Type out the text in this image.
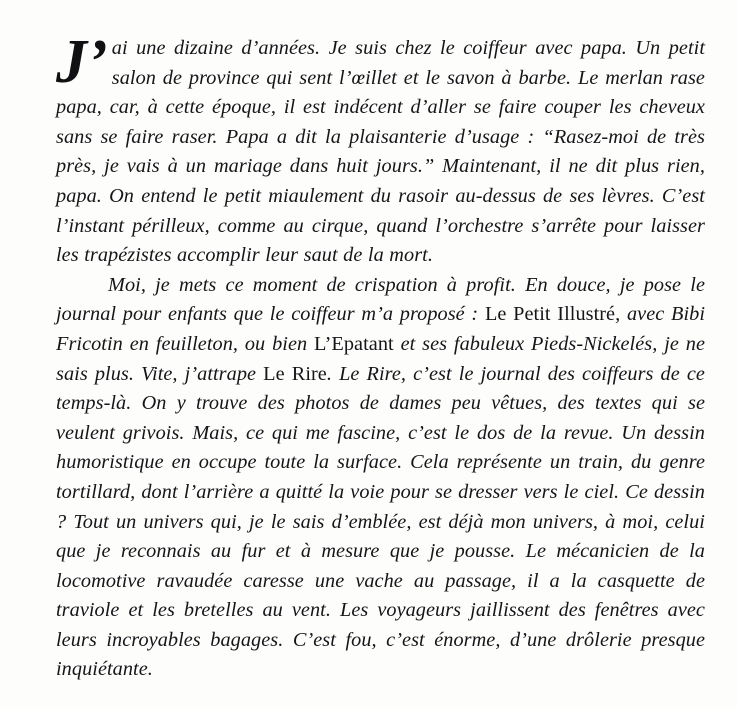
J’ ai une dizaine d’années. Je suis chez le coiffeur avec papa. Un petit salon de province qui sent l’œillet et le savon à barbe. Le merlan rase papa, car, à cette époque, il est indécent d’aller se faire couper les cheveux sans se faire raser. Papa a dit la plaisanterie d’usage : “Rasez-moi de très près, je vais à un mariage dans huit jours.” Maintenant, il ne dit plus rien, papa. On entend le petit miaulement du rasoir au-dessus de ses lèvres. C’est l’instant périlleux, comme au cirque, quand l’orchestre s’arrête pour laisser les trapézistes accomplir leur saut de la mort.

Moi, je mets ce moment de crispation à profit. En douce, je pose le journal pour enfants que le coiffeur m’a proposé : Le Petit Illustré, avec Bibi Fricotin en feuilleton, ou bien L’Epatant et ses fabuleux Pieds-Nickelés, je ne sais plus. Vite, j’attrape Le Rire. Le Rire, c’est le journal des coiffeurs de ce temps-là. On y trouve des photos de dames peu vêtues, des textes qui se veulent grivois. Mais, ce qui me fascine, c’est le dos de la revue. Un dessin humoristique en occupe toute la surface. Cela représente un train, du genre tortillard, dont l’arrière a quitté la voie pour se dresser vers le ciel. Ce dessin ? Tout un univers qui, je le sais d’emblée, est déjà mon univers, à moi, celui que je reconnais au fur et à mesure que je pousse. Le mécanicien de la locomotive ravaudée caresse une vache au passage, il a la casquette de traviole et les bretelles au vent. Les voyageurs jaillissent des fenêtres avec leurs incroyables bagages. C’est fou, c’est énorme, d’une drôlerie presque inquiétante.
